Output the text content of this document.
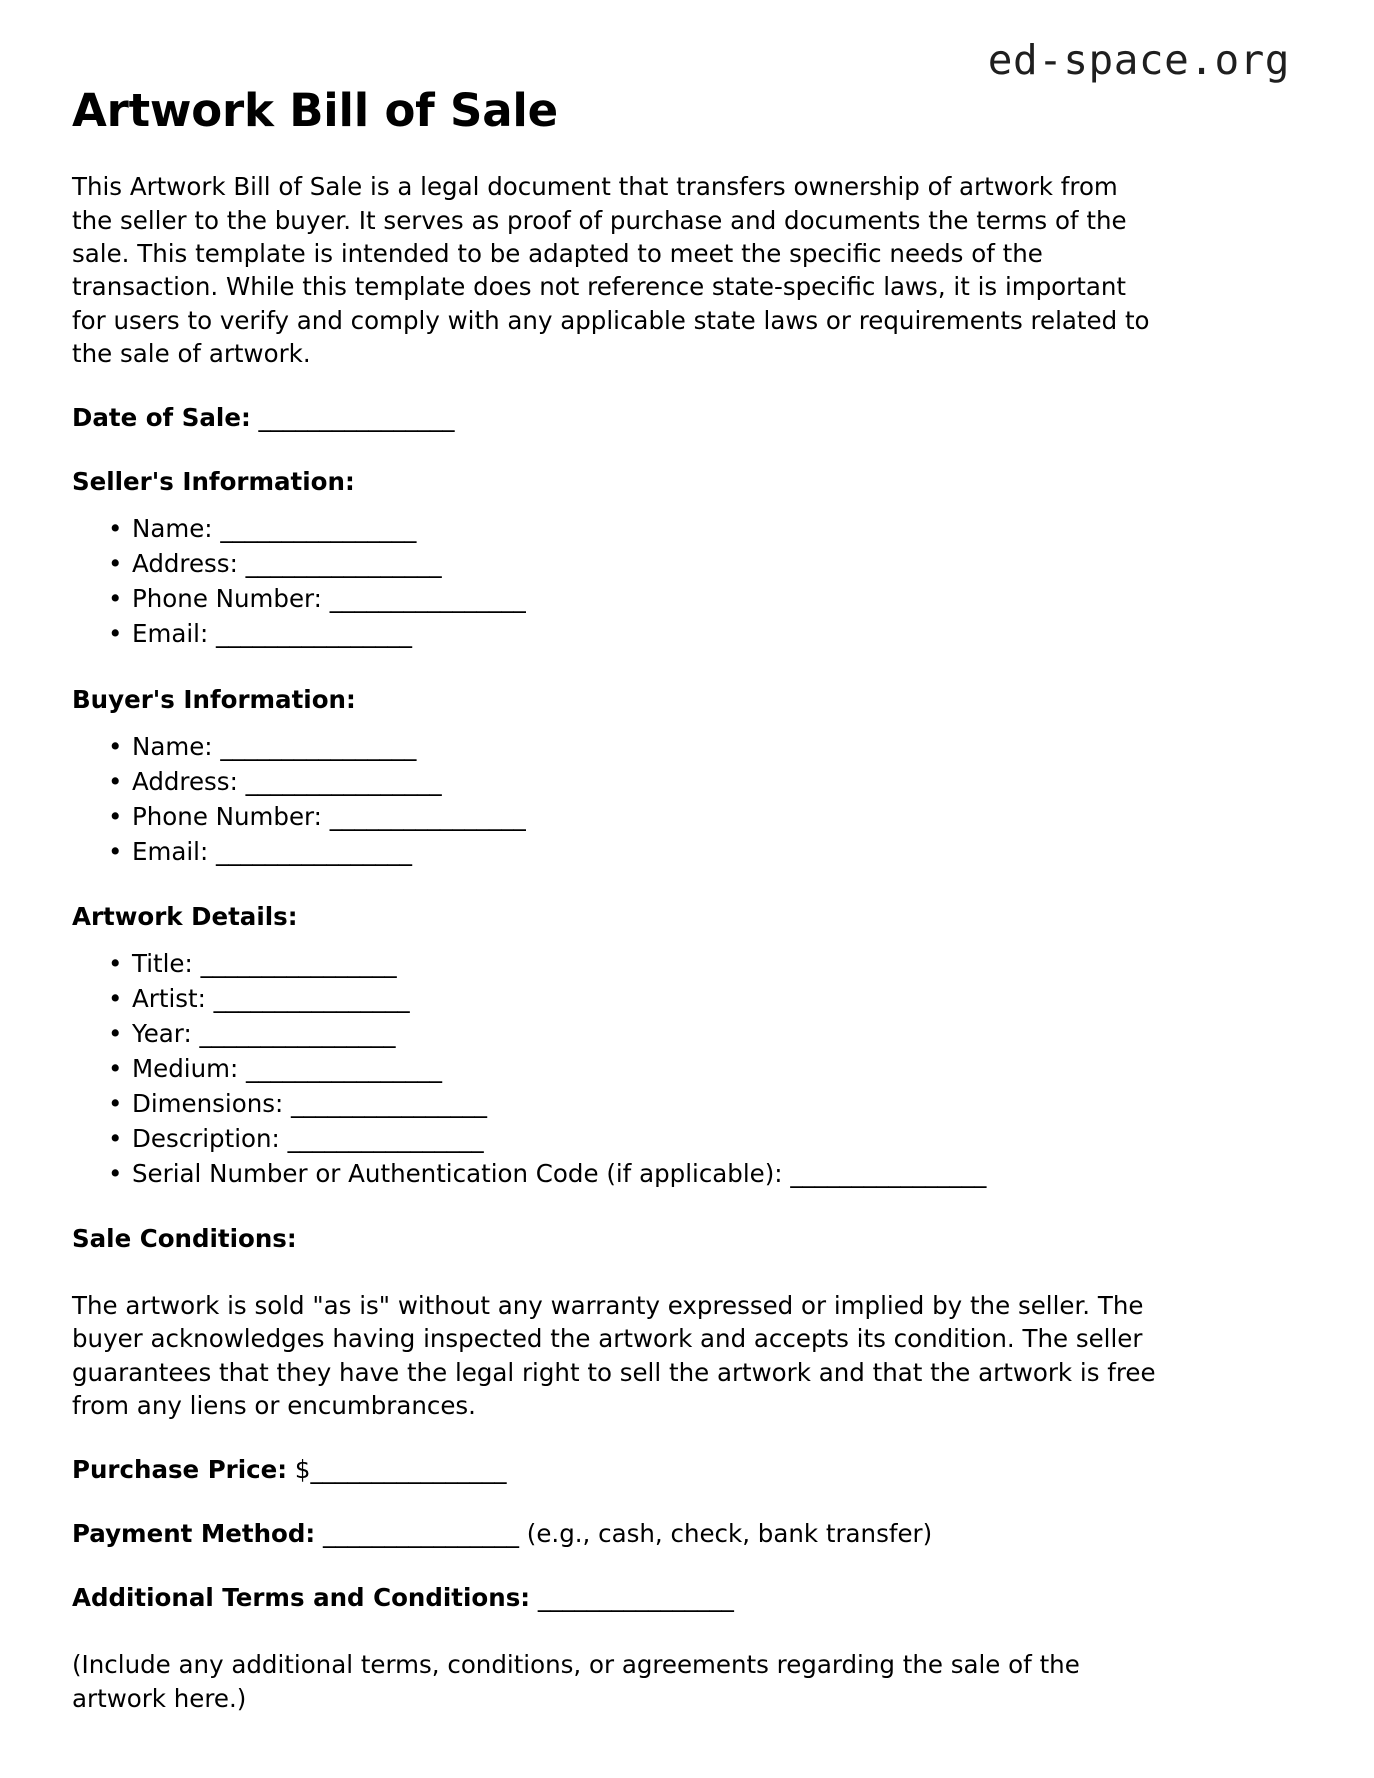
ed-space.org
Artwork Bill of Sale

This Artwork Bill of Sale is a legal document that transfers ownership of artwork from the seller to the buyer. It serves as proof of purchase and documents the terms of the sale. This template is intended to be adapted to meet the specific needs of the transaction. While this template does not reference state-specific laws, it is important for users to verify and comply with any applicable state laws or requirements related to the sale of artwork.

Date of Sale: ________________

Seller's Information:
• Name: ________________
• Address: ________________
• Phone Number: ________________
• Email: ________________
Buyer's Information:
• Name: ________________
• Address: ________________
• Phone Number: ________________
• Email: ________________
Artwork Details:
• Title: ________________
• Artist: ________________
• Year: ________________
• Medium: ________________
• Dimensions: ________________
• Description: ________________
• Serial Number or Authentication Code (if applicable): ________________
Sale Conditions:

The artwork is sold "as is" without any warranty expressed or implied by the seller. The buyer acknowledges having inspected the artwork and accepts its condition. The seller guarantees that they have the legal right to sell the artwork and that the artwork is free from any liens or encumbrances.

Purchase Price: $________________

Payment Method: ________________ (e.g., cash, check, bank transfer)

Additional Terms and Conditions: ________________

(Include any additional terms, conditions, or agreements regarding the sale of the artwork here.)
